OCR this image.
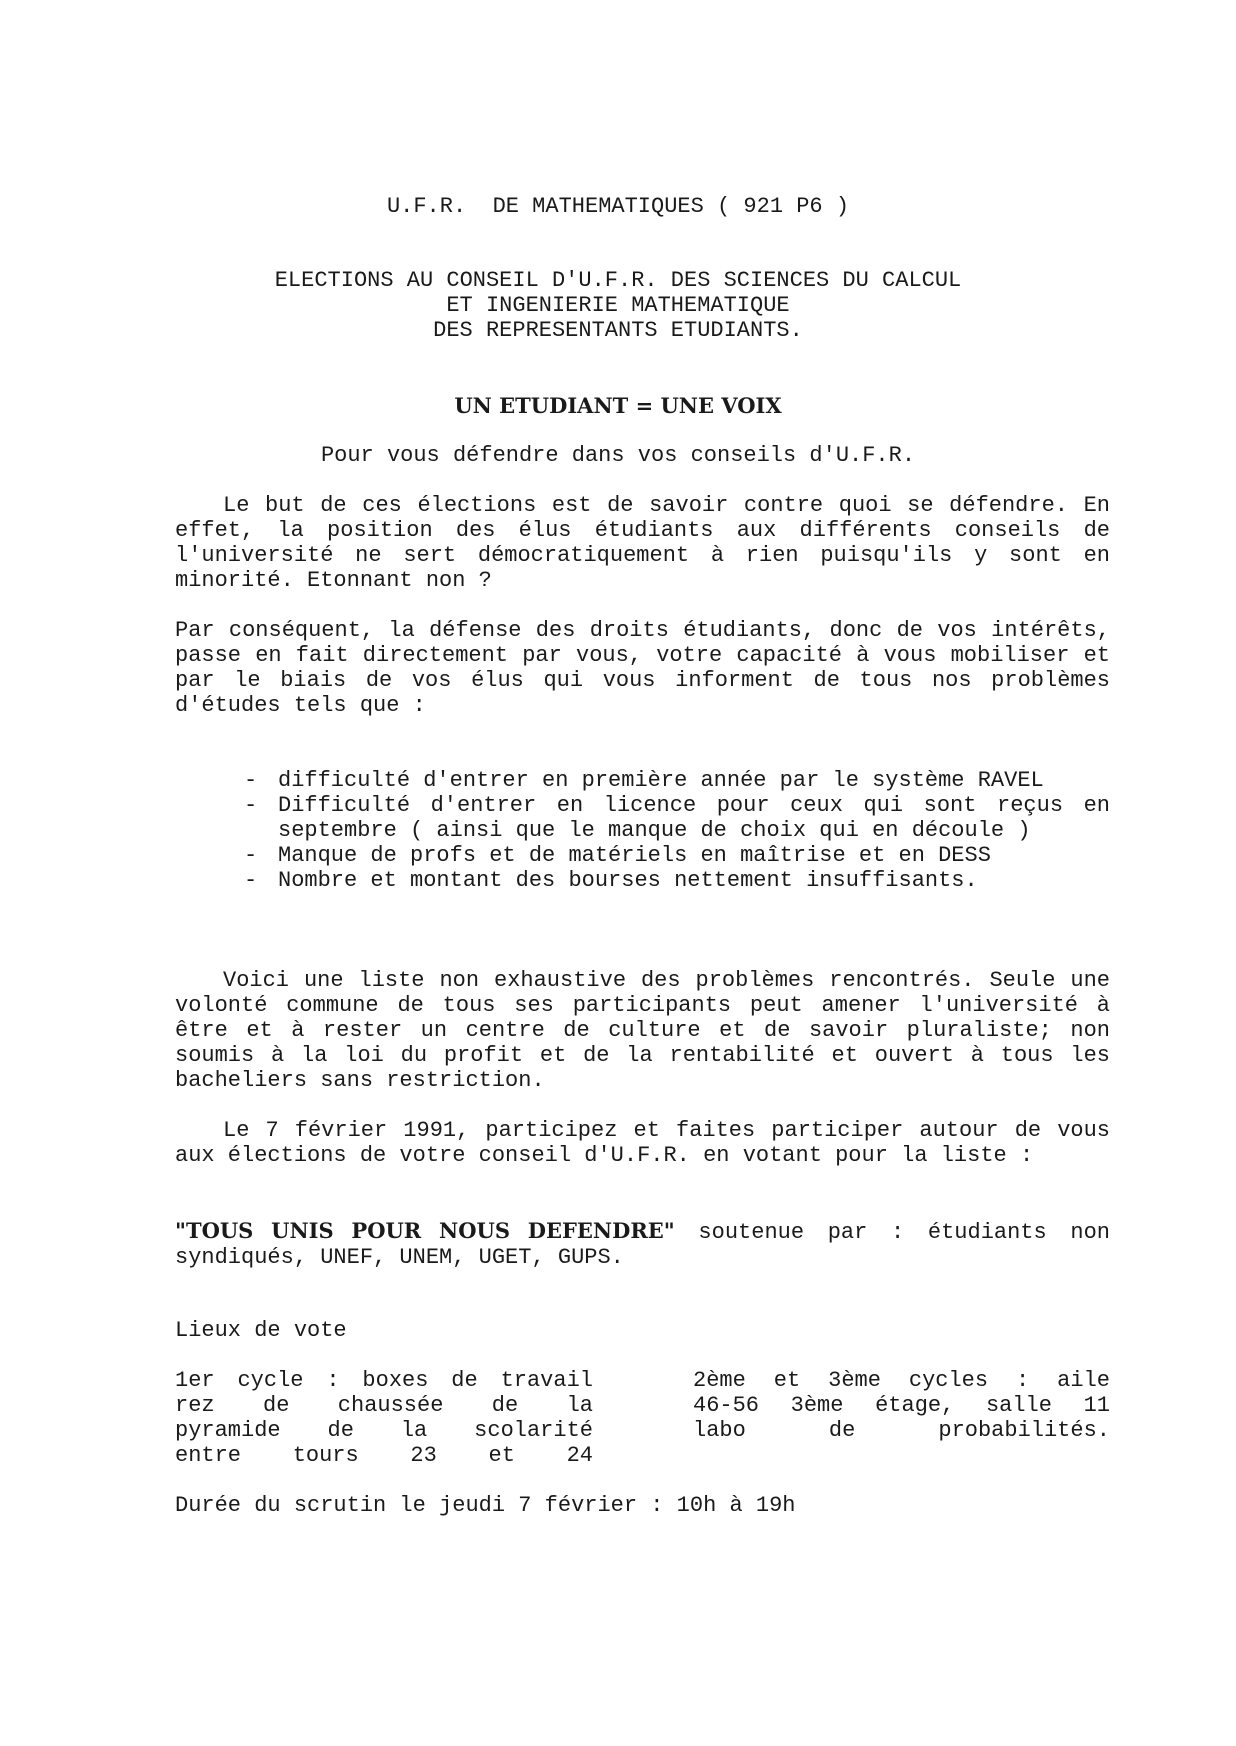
U.F.R.  DE MATHEMATIQUES ( 921 P6 )
ELECTIONS AU CONSEIL D'U.F.R. DES SCIENCES DU CALCUL
ET INGENIERIE MATHEMATIQUE
DES REPRESENTANTS ETUDIANTS.
UN ETUDIANT = UNE VOIX
Pour vous défendre dans vos conseils d'U.F.R.
Le but de ces élections est de savoir contre quoi se défendre. En effet, la position des élus étudiants aux différents conseils de l'université ne sert démocratiquement à rien puisqu'ils y sont en minorité. Etonnant non ?
Par conséquent, la défense des droits étudiants, donc de vos intérêts, passe en fait directement par vous, votre capacité à vous mobiliser et par le biais de vos élus qui vous informent de tous nos problèmes d'études tels que :
- difficulté d'entrer en première année par le système RAVEL
- Difficulté d'entrer en licence pour ceux qui sont reçus en septembre ( ainsi que le manque de choix qui en découle )
- Manque de profs et de matériels en maîtrise et en DESS
- Nombre et montant des bourses nettement insuffisants.
Voici une liste non exhaustive des problèmes rencontrés. Seule une volonté commune de tous ses participants peut amener l'université à être et à rester un centre de culture et de savoir pluraliste; non soumis à la loi du profit et de la rentabilité et ouvert à tous les bacheliers sans restriction.
Le 7 février 1991, participez et faites participer autour de vous aux élections de votre conseil d'U.F.R. en votant pour la liste :
"TOUS UNIS POUR NOUS DEFENDRE" soutenue par : étudiants non syndiqués, UNEF, UNEM, UGET, GUPS.
Lieux de vote
1er cycle : boxes de travail
rez de chaussée de la
pyramide de la scolarité
entre tours 23 et 24
2ème et 3ème cycles : aile
46-56 3ème étage, salle 11
labo de probabilités.
Durée du scrutin le jeudi 7 février : 10h à 19h
